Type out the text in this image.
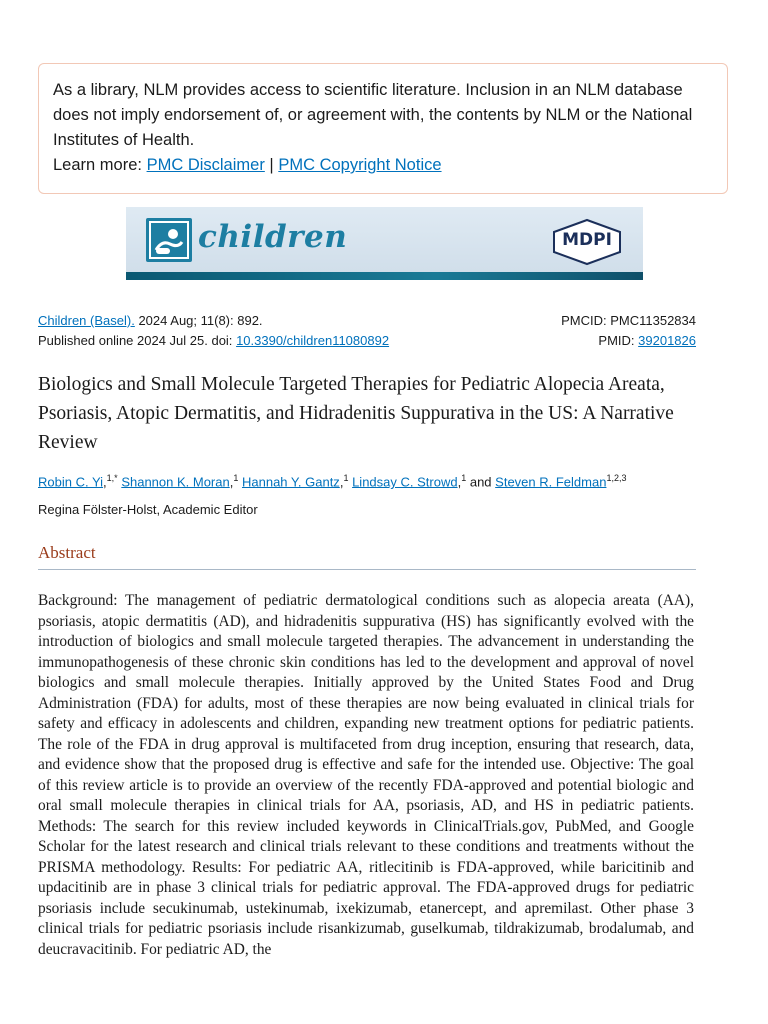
As a library, NLM provides access to scientific literature. Inclusion in an NLM database does not imply endorsement of, or agreement with, the contents by NLM or the National Institutes of Health.
Learn more: PMC Disclaimer | PMC Copyright Notice
children	MDPI
Children (Basel). 2024 Aug; 11(8): 892.
Published online 2024 Jul 25. doi: 10.3390/children11080892
PMCID: PMC11352834
PMID: 39201826
Biologics and Small Molecule Targeted Therapies for Pediatric Alopecia Areata, Psoriasis, Atopic Dermatitis, and Hidradenitis Suppurativa in the US: A Narrative Review
Robin C. Yi,$^{1,*}$ Shannon K. Moran,$^1$ Hannah Y. Gantz,$^1$ Lindsay C. Strowd,$^1$ and Steven R. Feldman$^{1,2,3}$
Regina Fölster-Holst, Academic Editor
Abstract

Background: The management of pediatric dermatological conditions such as alopecia areata (AA), psoriasis, atopic dermatitis (AD), and hidradenitis suppurativa (HS) has significantly evolved with the introduction of biologics and small molecule targeted therapies. The advancement in understanding the immunopathogenesis of these chronic skin conditions has led to the development and approval of novel biologics and small molecule therapies. Initially approved by the United States Food and Drug Administration (FDA) for adults, most of these therapies are now being evaluated in clinical trials for safety and efficacy in adolescents and children, expanding new treatment options for pediatric patients. The role of the FDA in drug approval is multifaceted from drug inception, ensuring that research, data, and evidence show that the proposed drug is effective and safe for the intended use. Objective: The goal of this review article is to provide an overview of the recently FDA-approved and potential biologic and oral small molecule therapies in clinical trials for AA, psoriasis, AD, and HS in pediatric patients. Methods: The search for this review included keywords in ClinicalTrials.gov, PubMed, and Google Scholar for the latest research and clinical trials relevant to these conditions and treatments without the PRISMA methodology. Results: For pediatric AA, ritlecitinib is FDA-approved, while baricitinib and updacitinib are in phase 3 clinical trials for pediatric approval. The FDA-approved drugs for pediatric psoriasis include secukinumab, ustekinumab, ixekizumab, etanercept, and apremilast. Other phase 3 clinical trials for pediatric psoriasis include risankizumab, guselkumab, tildrakizumab, brodalumab, and deucravacitinib. For pediatric AD, the
